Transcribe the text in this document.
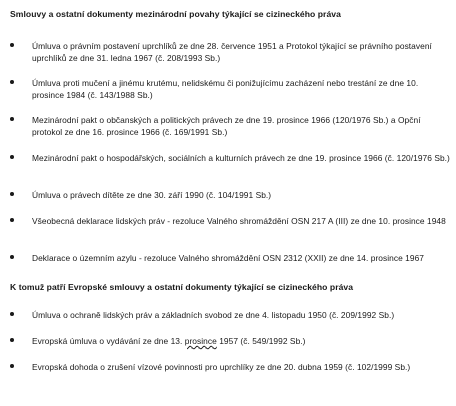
Smlouvy a ostatní dokumenty mezinárodní povahy týkající se cizineckého práva
Úmluva o právním postavení uprchlíků ze dne 28. července 1951 a Protokol týkající se právního postavení uprchlíků ze dne 31. ledna 1967 (č. 208/1993 Sb.)
Úmluva proti mučení a jinému krutému, nelidskému či ponižujícímu zacházení nebo trestání ze dne 10. prosince 1984 (č. 143/1988 Sb.)
Mezinárodní pakt o občanských a politických právech ze dne 19. prosince 1966 (120/1976 Sb.) a Opční protokol ze dne 16. prosince 1966 (č. 169/1991 Sb.)
Mezinárodní pakt o hospodářských, sociálních a kulturních právech ze dne 19. prosince 1966 (č. 120/1976 Sb.)
Úmluva o právech dítěte ze dne 30. září 1990 (č. 104/1991 Sb.)
Všeobecná deklarace lidských práv - rezoluce Valného shromáždění OSN 217 A (III) ze dne 10. prosince 1948
Deklarace o územním azylu - rezoluce Valného shromáždění OSN 2312 (XXII) ze dne 14. prosince 1967
K tomuž patří Evropské smlouvy a ostatní dokumenty týkající se cizineckého práva
Úmluva o ochraně lidských práv a základních svobod ze dne 4. listopadu 1950 (č. 209/1992 Sb.)
Evropská úmluva o vydávání ze dne 13. prosince 1957 (č. 549/1992 Sb.)
Evropská dohoda o zrušení vízové povinnosti pro uprchlíky ze dne 20. dubna 1959 (č. 102/1999 Sb.)
